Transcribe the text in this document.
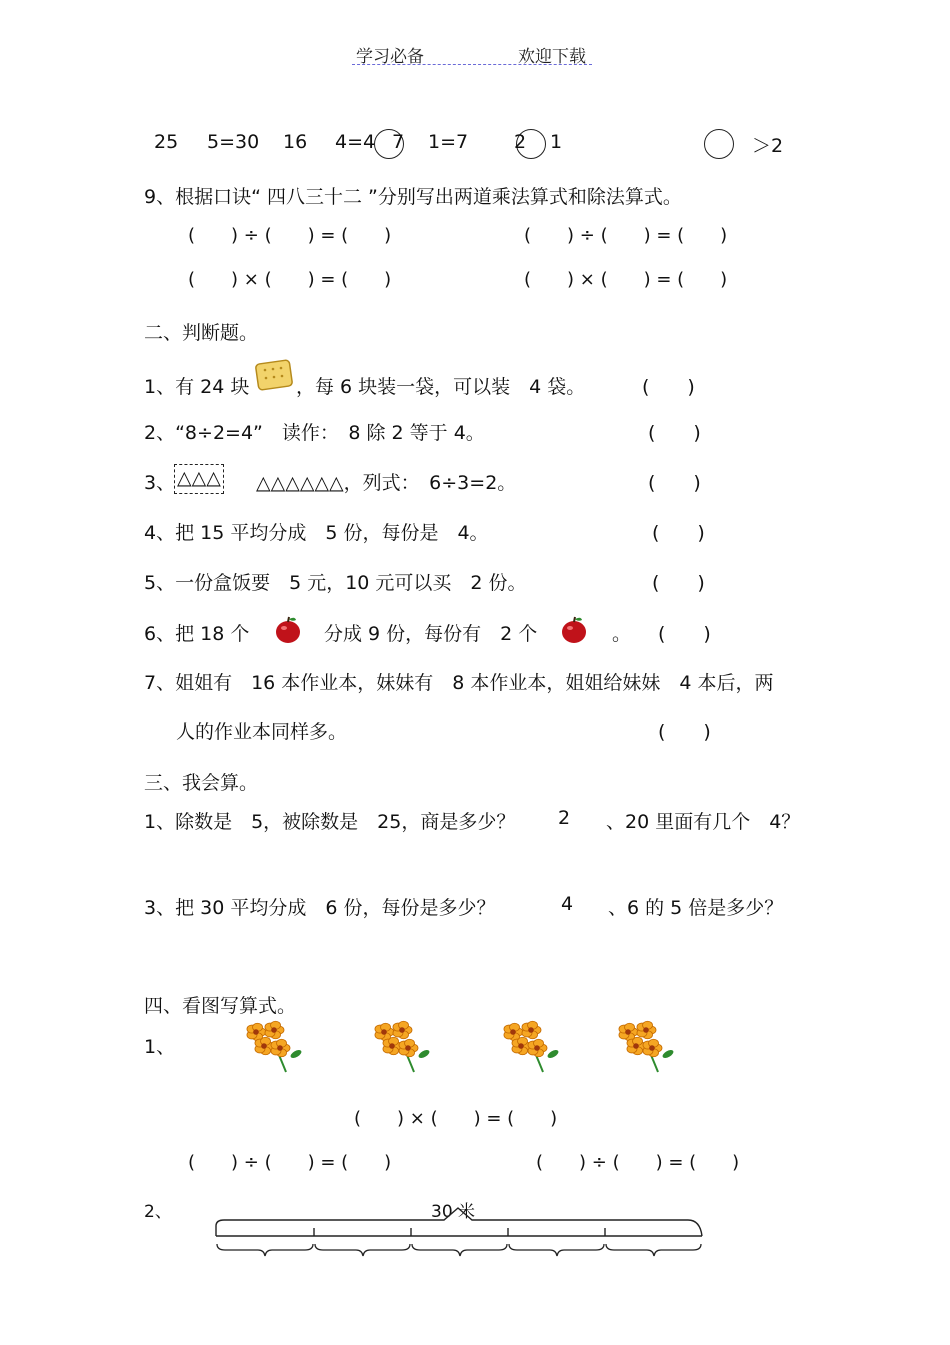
学习必备	欢迎下载
25 5=30 16 4=4 7 1=7 2 1	＞2
9、根据口诀“ 四八三十二 ”分别写出两道乘法算式和除法算式。
(　　) ÷ (　　) = (　　)	(　　) ÷ (　　) = (　　)
(　　) × (　　) = (　　)	(　　) × (　　) = (　　)
二、判断题。
1、有 24 块 ，每 6 块装一袋，可以装　4 袋。	(　　)
2、“8÷2=4”　读作：　8 除 2 等于 4。	(　　)
3、 △△△ △△△△△△，列式：　6÷3=2。	(　　)
4、把 15 平均分成　5 份，每份是　4。	(　　)
5、一份盒饭要　5 元，10 元可以买　2 份。	(　　)
6、把 18 个	分成 9 份，每份有　2 个	。 (　　)
7、姐姐有　16 本作业本，妹妹有　8 本作业本，姐姐给妹妹　4 本后，两
人的作业本同样多。	(　　)
三、我会算。
1、除数是　5，被除数是　25，商是多少？ 2 、20 里面有几个　4？
3、把 30 平均分成　6 份，每份是多少？	4 、6 的 5 倍是多少？
四、看图写算式。
1、
(　　) × (　　) = (　　)
(　　) ÷ (　　) = (　　)	(　　) ÷ (　　) = (　　)
2、	30 米
